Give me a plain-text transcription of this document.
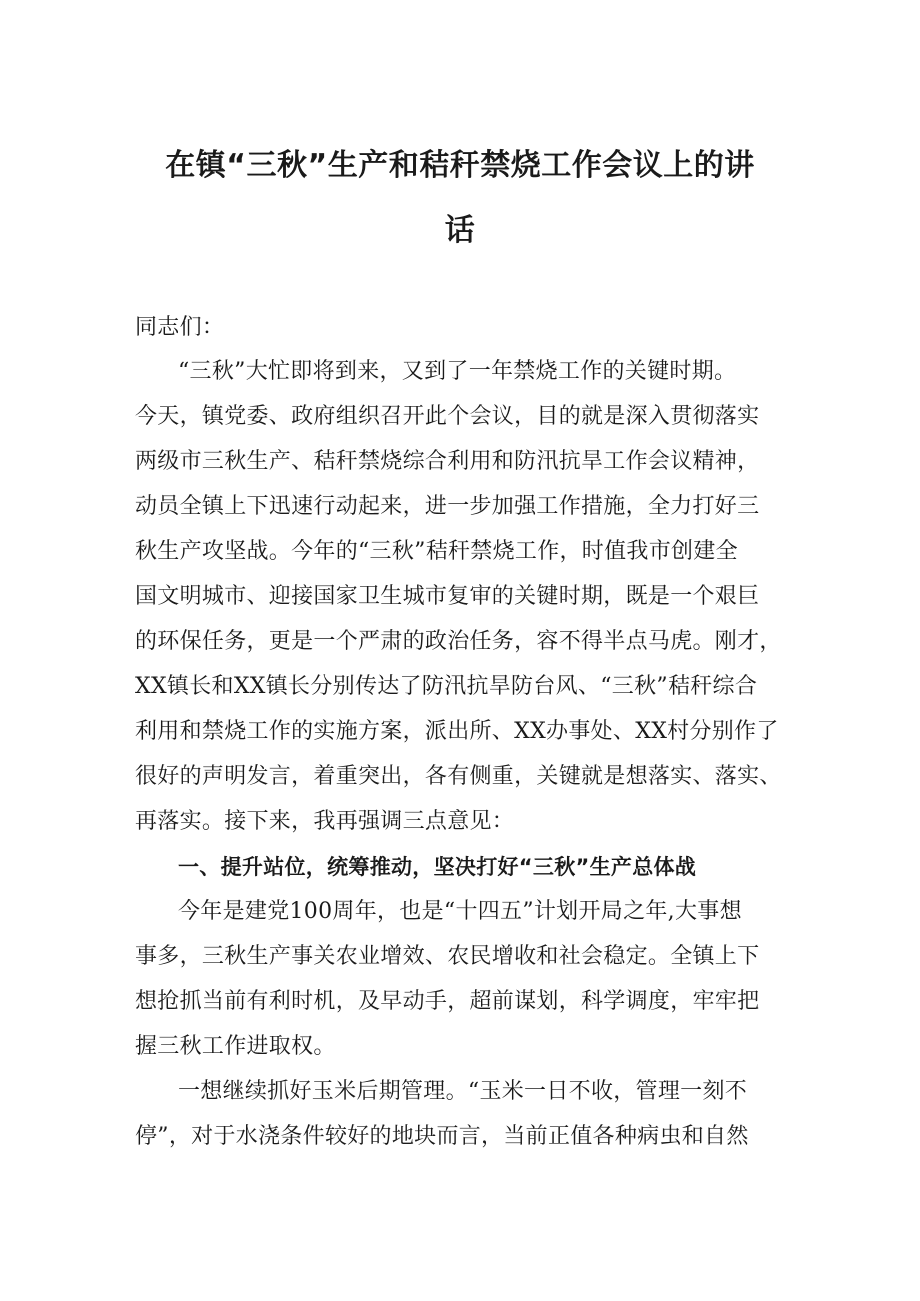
在镇“三秋”生产和秸秆禁烧工作会议上的讲
话

同志们：

“三秋”大忙即将到来，又到了一年禁烧工作的关键时期。

今天，镇党委、政府组织召开此个会议，目的就是深入贯彻落实

两级市三秋生产、秸秆禁烧综合利用和防汛抗旱工作会议精神，

动员全镇上下迅速行动起来，进一步加强工作措施，全力打好三

秋生产攻坚战。今年的“三秋”秸秆禁烧工作，时值我市创建全

国文明城市、迎接国家卫生城市复审的关键时期，既是一个艰巨

的环保任务，更是一个严肃的政治任务，容不得半点马虎。刚才，

XX镇长和XX镇长分别传达了防汛抗旱防台风、“三秋”秸秆综合

利用和禁烧工作的实施方案，派出所、XX办事处、XX村分别作了

很好的声明发言，着重突出，各有侧重，关键就是想落实、落实、

再落实。接下来，我再强调三点意见：

一、提升站位，统筹推动，坚决打好“三秋”生产总体战

今年是建党100周年，也是“十四五”计划开局之年,大事想

事多，三秋生产事关农业增效、农民增收和社会稳定。全镇上下

想抢抓当前有利时机，及早动手，超前谋划，科学调度，牢牢把

握三秋工作进取权。

一想继续抓好玉米后期管理。“玉米一日不收，管理一刻不

停”，对于水浇条件较好的地块而言，当前正值各种病虫和自然
